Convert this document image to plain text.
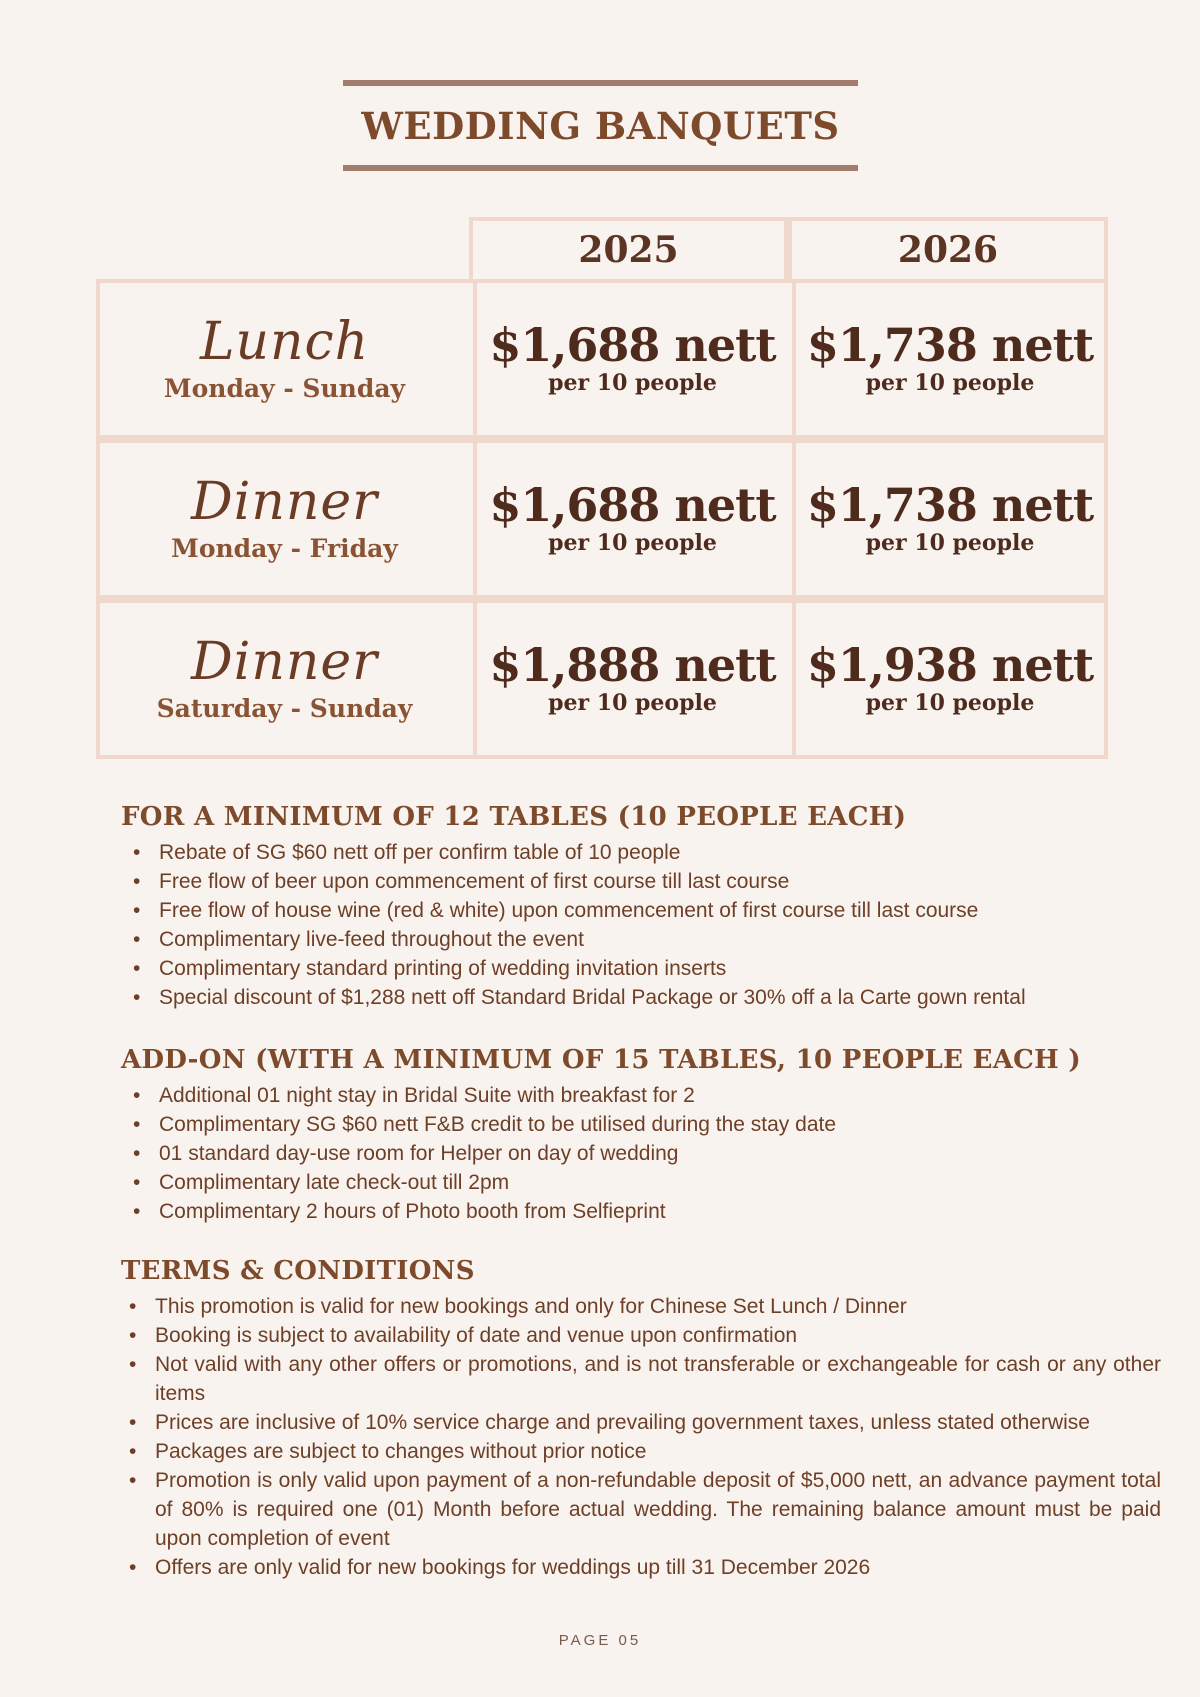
WEDDING BANQUETS
2025	2026
Lunch
Monday - Sunday
$1,688 nett
per 10 people
$1,738 nett
per 10 people
Dinner
Monday - Friday
$1,688 nett
per 10 people
$1,738 nett
per 10 people
Dinner
Saturday - Sunday
$1,888 nett
per 10 people
$1,938 nett
per 10 people
FOR A MINIMUM OF 12 TABLES (10 PEOPLE EACH)
• Rebate of SG $60 nett off per confirm table of 10 people
• Free flow of beer upon commencement of first course till last course
• Free flow of house wine (red & white) upon commencement of first course till last course
• Complimentary live-feed throughout the event
• Complimentary standard printing of wedding invitation inserts
• Special discount of $1,288 nett off Standard Bridal Package or 30% off a la Carte gown rental
ADD-ON (WITH A MINIMUM OF 15 TABLES, 10 PEOPLE EACH )
• Additional 01 night stay in Bridal Suite with breakfast for 2
• Complimentary SG $60 nett F&B credit to be utilised during the stay date
• 01 standard day-use room for Helper on day of wedding
• Complimentary late check-out till 2pm
• Complimentary 2 hours of Photo booth from Selfieprint
TERMS & CONDITIONS
• This promotion is valid for new bookings and only for Chinese Set Lunch / Dinner
• Booking is subject to availability of date and venue upon confirmation
• Not valid with any other offers or promotions, and is not transferable or exchangeable for cash or any other items
• Prices are inclusive of 10% service charge and prevailing government taxes, unless stated otherwise
• Packages are subject to changes without prior notice
• Promotion is only valid upon payment of a non-refundable deposit of $5,000 nett, an advance payment total of 80% is required one (01) Month before actual wedding. The remaining balance amount must be paid upon completion of event
• Offers are only valid for new bookings for weddings up till 31 December 2026
PAGE 05
